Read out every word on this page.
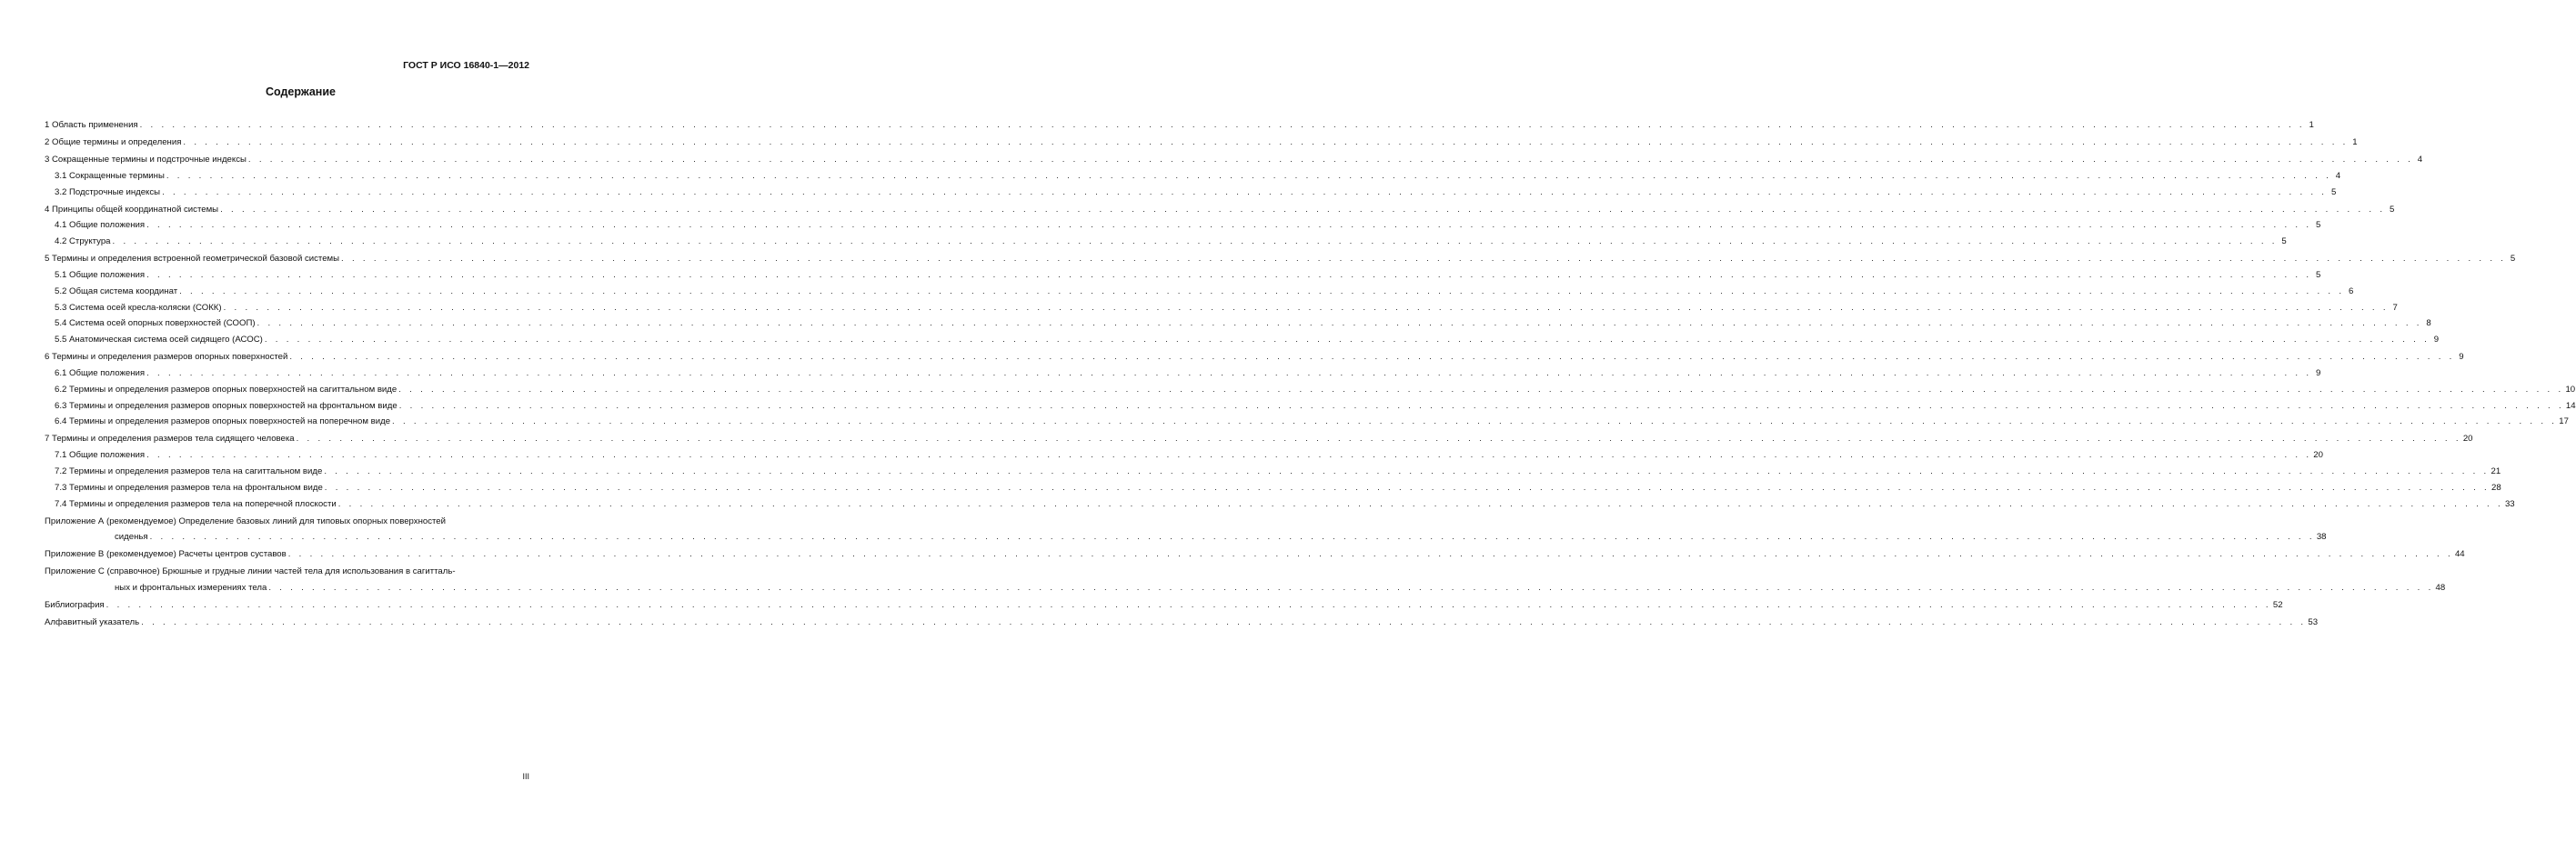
ГОСТ Р ИСО 16840-1—2012
Содержание
1 Область применения . . . . . . . . . . . . . . . . . . . . . . . . . . . . . . . . . . . . . . . . . . . . . . . . . . . . . . . . . . . . . . . . . . . . . . . . . . . . . . . . . . . . . . . . . . . . . . . . . . . . . . . . . . . . . . . . . . . . . . . . . . . . . . . . . . . . . . . . . . . . . . . . . . . . . . . . . . . . . . . . . . . . . . . . . . . . . . . . . . . . . . . . . . . . . . . . . . . . . . . . 1
2 Общие термины и определения . . . . . . . . . . . . . . . . . . . . . . . . . . . . . . . . . . . . . . . . . . . . . . . . . . . . . . . . . . . . . . . . . . . . . . . . . . . . . . . . . . . . . . . . . . . . . . . . . . . . . . . . . . . . . . . . . . . . . . . . . . . . . . . . . . . . . . . . . . . . . . . . . . . . . . . . . . . . . . . . . . . . . . . . . . . . . . . . . . . . . . . . . . . . . . . . . . . . . . . . 1
3 Сокращенные термины и подстрочные индексы . . . . . . . . . . . . . . . . . . . . . . . . . . . . . . . . . . . . . . . . . . . . . . . . . . . . . . . . . . . . . . . . . . . . . . . . . . . . . . . . . . . . . . . . . . . . . . . . . . . . . . . . . . . . . . . . . . . . . . . . . . . . . . . . . . . . . . . . . . . . . . . . . . . . . . . . . . . . . . . . . . . . . . . . . . . . . . . . . . . . . . . . . . . . . . . . . . . . . . . . 4
3.1 Сокращенные термины . . . . . . . . . . . . . . . . . . . . . . . . . . . . . . . . . . . . . . . . . . . . . . . . . . . . . . . . . . . . . . . . . . . . . . . . . . . . . . . . . . . . . . . . . . . . . . . . . . . . . . . . . . . . . . . . . . . . . . . . . . . . . . . . . . . . . . . . . . . . . . . . . . . . . . . . . . . . . . . . . . . . . . . . . . . . . . . . . . . . . . . . . . . . . . . . . . . . . . . . 4
3.2 Подстрочные индексы . . . . . . . . . . . . . . . . . . . . . . . . . . . . . . . . . . . . . . . . . . . . . . . . . . . . . . . . . . . . . . . . . . . . . . . . . . . . . . . . . . . . . . . . . . . . . . . . . . . . . . . . . . . . . . . . . . . . . . . . . . . . . . . . . . . . . . . . . . . . . . . . . . . . . . . . . . . . . . . . . . . . . . . . . . . . . . . . . . . . . . . . . . . . . . . . . . . . . . . . 5
4 Принципы общей координатной системы . . . . . . . . . . . . . . . . . . . . . . . . . . . . . . . . . . . . . . . . . . . . . . . . . . . . . . . . . . . . . . . . . . . . . . . . . . . . . . . . . . . . . . . . . . . . . . . . . . . . . . . . . . . . . . . . . . . . . . . . . . . . . . . . . . . . . . . . . . . . . . . . . . . . . . . . . . . . . . . . . . . . . . . . . . . . . . . . . . . . . . . . . . . . . . . . . . . . . . . . 5
4.1 Общие положения . . . . . . . . . . . . . . . . . . . . . . . . . . . . . . . . . . . . . . . . . . . . . . . . . . . . . . . . . . . . . . . . . . . . . . . . . . . . . . . . . . . . . . . . . . . . . . . . . . . . . . . . . . . . . . . . . . . . . . . . . . . . . . . . . . . . . . . . . . . . . . . . . . . . . . . . . . . . . . . . . . . . . . . . . . . . . . . . . . . . . . . . . . . . . . . . . . . . . . . . 5
4.2 Структура . . . . . . . . . . . . . . . . . . . . . . . . . . . . . . . . . . . . . . . . . . . . . . . . . . . . . . . . . . . . . . . . . . . . . . . . . . . . . . . . . . . . . . . . . . . . . . . . . . . . . . . . . . . . . . . . . . . . . . . . . . . . . . . . . . . . . . . . . . . . . . . . . . . . . . . . . . . . . . . . . . . . . . . . . . . . . . . . . . . . . . . . . . . . . . . . . . . . . . . . 5
5 Термины и определения встроенной геометрической базовой системы . . . . . . . . . . . . . . . . . . . . . . . . . . . . . . . . . . . . . . . . . . . . . . . . . . . . . . . . . . . . . . . . . . . . . . . . . . . . . . . . . . . . . . . . . . . . . . . . . . . . . . . . . . . . . . . . . . . . . . . . . . . . . . . . . . . . . . . . . . . . . . . . . . . . . . . . . . . . . . . . . . . . . . . . . . . . . . . . . . . . . . . . . . . . . . . . . . . . . . . . 5
5.1 Общие положения . . . . . . . . . . . . . . . . . . . . . . . . . . . . . . . . . . . . . . . . . . . . . . . . . . . . . . . . . . . . . . . . . . . . . . . . . . . . . . . . . . . . . . . . . . . . . . . . . . . . . . . . . . . . . . . . . . . . . . . . . . . . . . . . . . . . . . . . . . . . . . . . . . . . . . . . . . . . . . . . . . . . . . . . . . . . . . . . . . . . . . . . . . . . . . . . . . . . . . . . 5
5.2 Общая система координат . . . . . . . . . . . . . . . . . . . . . . . . . . . . . . . . . . . . . . . . . . . . . . . . . . . . . . . . . . . . . . . . . . . . . . . . . . . . . . . . . . . . . . . . . . . . . . . . . . . . . . . . . . . . . . . . . . . . . . . . . . . . . . . . . . . . . . . . . . . . . . . . . . . . . . . . . . . . . . . . . . . . . . . . . . . . . . . . . . . . . . . . . . . . . . . . . . . . . . . . 6
5.3 Система осей кресла-коляски (СОКК) . . . . . . . . . . . . . . . . . . . . . . . . . . . . . . . . . . . . . . . . . . . . . . . . . . . . . . . . . . . . . . . . . . . . . . . . . . . . . . . . . . . . . . . . . . . . . . . . . . . . . . . . . . . . . . . . . . . . . . . . . . . . . . . . . . . . . . . . . . . . . . . . . . . . . . . . . . . . . . . . . . . . . . . . . . . . . . . . . . . . . . . . . . . . . . . . . . . . . . . . 7
5.4 Система осей опорных поверхностей (СООП) . . . . . . . . . . . . . . . . . . . . . . . . . . . . . . . . . . . . . . . . . . . . . . . . . . . . . . . . . . . . . . . . . . . . . . . . . . . . . . . . . . . . . . . . . . . . . . . . . . . . . . . . . . . . . . . . . . . . . . . . . . . . . . . . . . . . . . . . . . . . . . . . . . . . . . . . . . . . . . . . . . . . . . . . . . . . . . . . . . . . . . . . . . . . . . . . . . . . . . . . 8
5.5 Анатомическая система осей сидящего (АСОС) . . . . . . . . . . . . . . . . . . . . . . . . . . . . . . . . . . . . . . . . . . . . . . . . . . . . . . . . . . . . . . . . . . . . . . . . . . . . . . . . . . . . . . . . . . . . . . . . . . . . . . . . . . . . . . . . . . . . . . . . . . . . . . . . . . . . . . . . . . . . . . . . . . . . . . . . . . . . . . . . . . . . . . . . . . . . . . . . . . . . . . . . . . . . . . . . . . . . . . . . 9
6 Термины и определения размеров опорных поверхностей . . . . . . . . . . . . . . . . . . . . . . . . . . . . . . . . . . . . . . . . . . . . . . . . . . . . . . . . . . . . . . . . . . . . . . . . . . . . . . . . . . . . . . . . . . . . . . . . . . . . . . . . . . . . . . . . . . . . . . . . . . . . . . . . . . . . . . . . . . . . . . . . . . . . . . . . . . . . . . . . . . . . . . . . . . . . . . . . . . . . . . . . . . . . . . . . . . . . . . . . 9
6.1 Общие положения . . . . . . . . . . . . . . . . . . . . . . . . . . . . . . . . . . . . . . . . . . . . . . . . . . . . . . . . . . . . . . . . . . . . . . . . . . . . . . . . . . . . . . . . . . . . . . . . . . . . . . . . . . . . . . . . . . . . . . . . . . . . . . . . . . . . . . . . . . . . . . . . . . . . . . . . . . . . . . . . . . . . . . . . . . . . . . . . . . . . . . . . . . . . . . . . . . . . . . . . 9
6.2 Термины и определения размеров опорных поверхностей на сагиттальном виде . . . . . . . . . . . . . . . . . . . . . . . . . . . . . . . . . . . . . . . . . . . . . . . . . . . . . . . . . . . . . . . . . . . . . . . . . . . . . . . . . . . . . . . . . . . . . . . . . . . . . . . . . . . . . . . . . . . . . . . . . . . . . . . . . . . . . . . . . . . . . . . . . . . . . . . . . . . . . . . . . . . . . . . . . . . . . . . . . . . . . . . . . . . . . . . . . . . . . . . . 10
6.3 Термины и определения размеров опорных поверхностей на фронтальном виде . . . . . . . . . . . . . . . . . . . . . . . . . . . . . . . . . . . . . . . . . . . . . . . . . . . . . . . . . . . . . . . . . . . . . . . . . . . . . . . . . . . . . . . . . . . . . . . . . . . . . . . . . . . . . . . . . . . . . . . . . . . . . . . . . . . . . . . . . . . . . . . . . . . . . . . . . . . . . . . . . . . . . . . . . . . . . . . . . . . . . . . . . . . . . . . . . . . . . . . . 14
6.4 Термины и определения размеров опорных поверхностей на поперечном виде . . . . . . . . . . . . . . . . . . . . . . . . . . . . . . . . . . . . . . . . . . . . . . . . . . . . . . . . . . . . . . . . . . . . . . . . . . . . . . . . . . . . . . . . . . . . . . . . . . . . . . . . . . . . . . . . . . . . . . . . . . . . . . . . . . . . . . . . . . . . . . . . . . . . . . . . . . . . . . . . . . . . . . . . . . . . . . . . . . . . . . . . . . . . . . . . . . . . . . . . 17
7 Термины и определения размеров тела сидящего человека . . . . . . . . . . . . . . . . . . . . . . . . . . . . . . . . . . . . . . . . . . . . . . . . . . . . . . . . . . . . . . . . . . . . . . . . . . . . . . . . . . . . . . . . . . . . . . . . . . . . . . . . . . . . . . . . . . . . . . . . . . . . . . . . . . . . . . . . . . . . . . . . . . . . . . . . . . . . . . . . . . . . . . . . . . . . . . . . . . . . . . . . . . . . . . . . . . . . . . . . 20
7.1 Общие положения . . . . . . . . . . . . . . . . . . . . . . . . . . . . . . . . . . . . . . . . . . . . . . . . . . . . . . . . . . . . . . . . . . . . . . . . . . . . . . . . . . . . . . . . . . . . . . . . . . . . . . . . . . . . . . . . . . . . . . . . . . . . . . . . . . . . . . . . . . . . . . . . . . . . . . . . . . . . . . . . . . . . . . . . . . . . . . . . . . . . . . . . . . . . . . . . . . . . . . . . 20
7.2 Термины и определения размеров тела на сагиттальном виде . . . . . . . . . . . . . . . . . . . . . . . . . . . . . . . . . . . . . . . . . . . . . . . . . . . . . . . . . . . . . . . . . . . . . . . . . . . . . . . . . . . . . . . . . . . . . . . . . . . . . . . . . . . . . . . . . . . . . . . . . . . . . . . . . . . . . . . . . . . . . . . . . . . . . . . . . . . . . . . . . . . . . . . . . . . . . . . . . . . . . . . . . . . . . . . . . . . . . . . . 21
7.3 Термины и определения размеров тела на фронтальном виде . . . . . . . . . . . . . . . . . . . . . . . . . . . . . . . . . . . . . . . . . . . . . . . . . . . . . . . . . . . . . . . . . . . . . . . . . . . . . . . . . . . . . . . . . . . . . . . . . . . . . . . . . . . . . . . . . . . . . . . . . . . . . . . . . . . . . . . . . . . . . . . . . . . . . . . . . . . . . . . . . . . . . . . . . . . . . . . . . . . . . . . . . . . . . . . . . . . . . . . . 28
7.4 Термины и определения размеров тела на поперечной плоскости . . . . . . . . . . . . . . . . . . . . . . . . . . . . . . . . . . . . . . . . . . . . . . . . . . . . . . . . . . . . . . . . . . . . . . . . . . . . . . . . . . . . . . . . . . . . . . . . . . . . . . . . . . . . . . . . . . . . . . . . . . . . . . . . . . . . . . . . . . . . . . . . . . . . . . . . . . . . . . . . . . . . . . . . . . . . . . . . . . . . . . . . . . . . . . . . . . . . . . . . 33
Приложение А (рекомендуемое) Определение базовых линий для типовых опорных поверхностей
сиденья . . . . . . . . . . . . . . . . . . . . . . . . . . . . . . . . . . . . . . . . . . . . . . . . . . . . . . . . . . . . . . . . . . . . . . . . . . . . . . . . . . . . . . . . . . . . . . . . . . . . . . . . . . . . . . . . . . . . . . . . . . . . . . . . . . . . . . . . . . . . . . . . . . . . . . . . . . . . . . . . . . . . . . . . . . . . . . . . . . . . . . . . . . . . . . . . . . . . . . . . 38
Приложение В (рекомендуемое) Расчеты центров суставов . . . . . . . . . . . . . . . . . . . . . . . . . . . . . . . . . . . . . . . . . . . . . . . . . . . . . . . . . . . . . . . . . . . . . . . . . . . . . . . . . . . . . . . . . . . . . . . . . . . . . . . . . . . . . . . . . . . . . . . . . . . . . . . . . . . . . . . . . . . . . . . . . . . . . . . . . . . . . . . . . . . . . . . . . . . . . . . . . . . . . . . . . . . . . . . . . . . . . . . . 44
Приложение С (справочное) Брюшные и грудные линии частей тела для использования в сагитталь-
ных и фронтальных измерениях тела . . . . . . . . . . . . . . . . . . . . . . . . . . . . . . . . . . . . . . . . . . . . . . . . . . . . . . . . . . . . . . . . . . . . . . . . . . . . . . . . . . . . . . . . . . . . . . . . . . . . . . . . . . . . . . . . . . . . . . . . . . . . . . . . . . . . . . . . . . . . . . . . . . . . . . . . . . . . . . . . . . . . . . . . . . . . . . . . . . . . . . . . . . . . . . . . . . . . . . . . 48
Библиография . . . . . . . . . . . . . . . . . . . . . . . . . . . . . . . . . . . . . . . . . . . . . . . . . . . . . . . . . . . . . . . . . . . . . . . . . . . . . . . . . . . . . . . . . . . . . . . . . . . . . . . . . . . . . . . . . . . . . . . . . . . . . . . . . . . . . . . . . . . . . . . . . . . . . . . . . . . . . . . . . . . . . . . . . . . . . . . . . . . . . . . . . . . . . . . . . . . . . . . . 52
Алфавитный указатель . . . . . . . . . . . . . . . . . . . . . . . . . . . . . . . . . . . . . . . . . . . . . . . . . . . . . . . . . . . . . . . . . . . . . . . . . . . . . . . . . . . . . . . . . . . . . . . . . . . . . . . . . . . . . . . . . . . . . . . . . . . . . . . . . . . . . . . . . . . . . . . . . . . . . . . . . . . . . . . . . . . . . . . . . . . . . . . . . . . . . . . . . . . . . . . . . . . . . . . . 53
III
